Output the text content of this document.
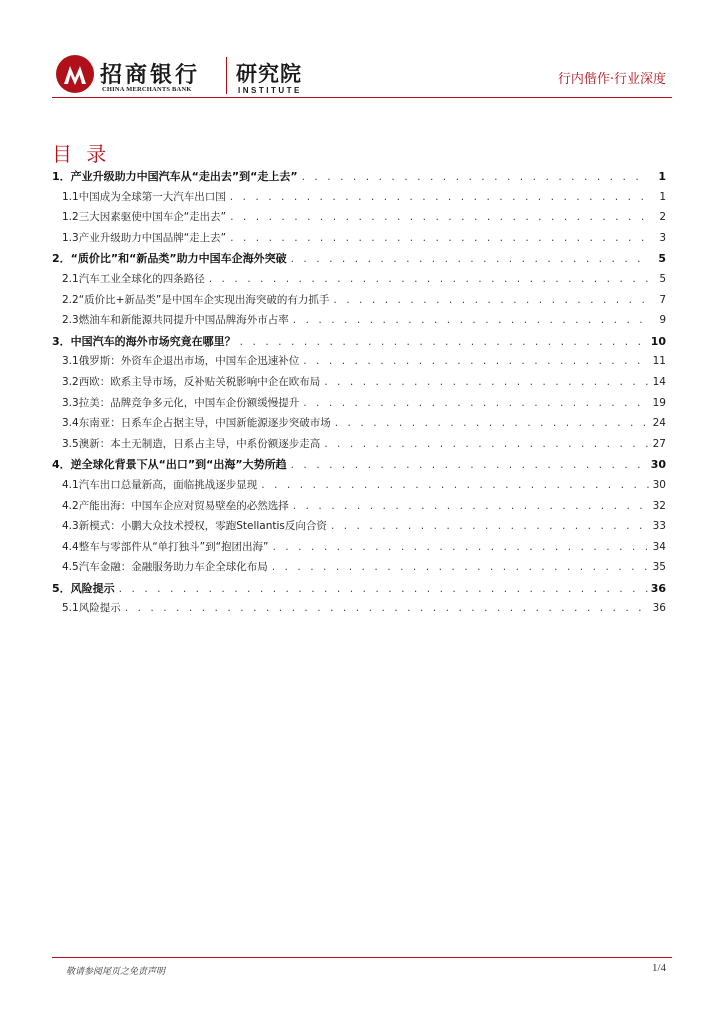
招商银行
CHINA MERCHANTS BANK
研究院
INSTITUTE
行内偕作·行业深度
目 录
1．产业升级助力中国汽车从“走出去”到“走上去” . . .	1
1.1中国成为全球第一大汽车出口国 . . .	1
1.2三大因素驱使中国车企“走出去” . . .	2
1.3产业升级助力中国品牌“走上去” . . .	3
2．“质价比”和“新品类”助力中国车企海外突破 . . .	5
2.1汽车工业全球化的四条路径 . . .	5
2.2“质价比+新品类”是中国车企实现出海突破的有力抓手 . . .	7
2.3燃油车和新能源共同提升中国品牌海外市占率 . . .	9
3．中国汽车的海外市场究竟在哪里？ . . .	10
3.1俄罗斯：外资车企退出市场，中国车企迅速补位 . . .	11
3.2西欧：欧系主导市场，反补贴关税影响中企在欧布局 . . .	14
3.3拉美：品牌竞争多元化，中国车企份额缓慢提升 . . .	19
3.4东南亚：日系车企占据主导，中国新能源逐步突破市场 . . .	24
3.5澳新：本土无制造，日系占主导，中系份额逐步走高 . . .	27
4．逆全球化背景下从“出口”到“出海”大势所趋 . . .	30
4.1汽车出口总量新高，面临挑战逐步显现 . . .	30
4.2产能出海：中国车企应对贸易壁垒的必然选择 . . .	32
4.3新模式：小鹏大众技术授权，零跑Stellantis反向合资 . . .	33
4.4整车与零部件从“单打独斗”到“抱团出海” . . .	34
4.5汽车金融：金融服务助力车企全球化布局 . . .	35
5．风险提示 . . .	36
5.1风险提示 . . .	36
敬请参阅尾页之免责声明	1/4
